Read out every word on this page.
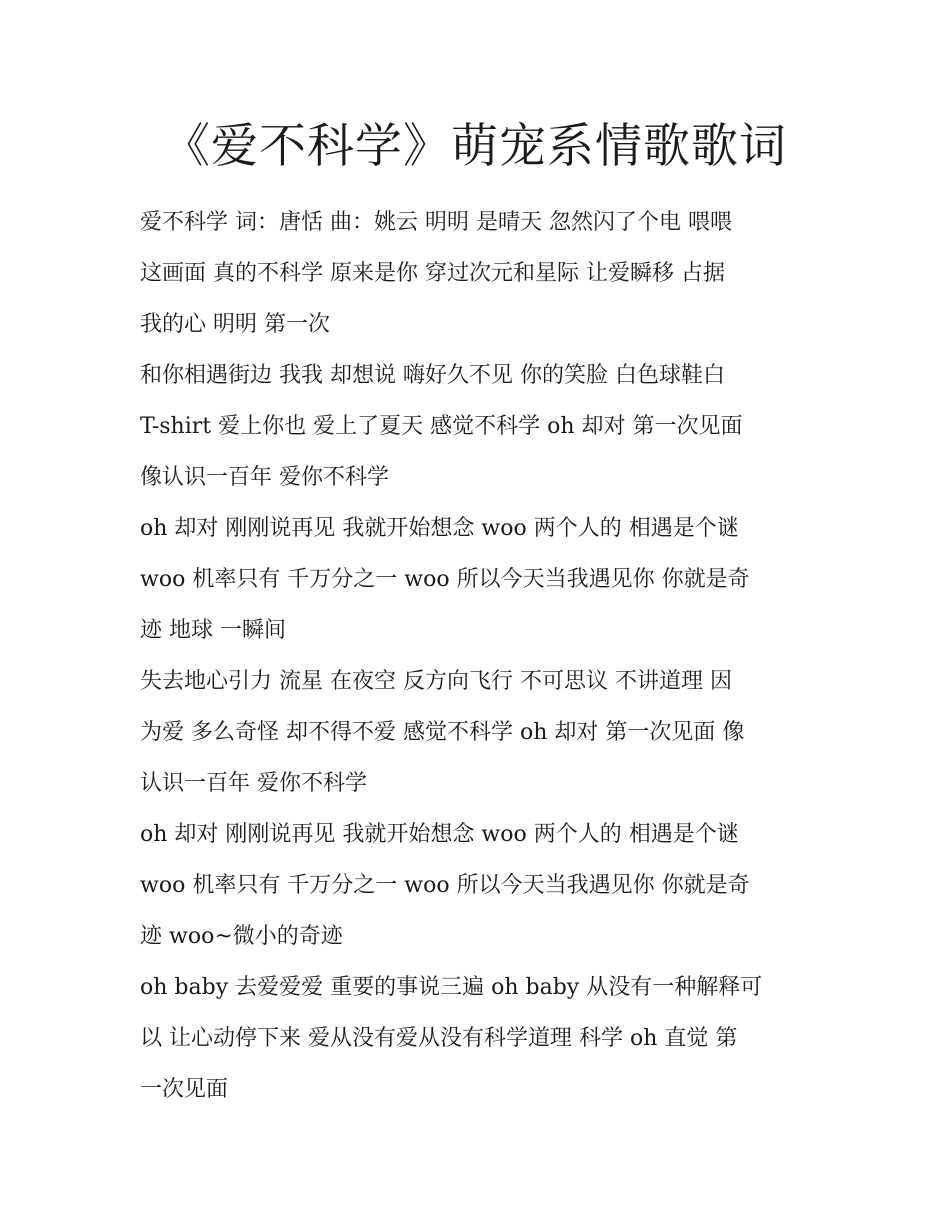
《爱不科学》萌宠系情歌歌词

爱不科学 词：唐恬 曲：姚云 明明 是晴天 忽然闪了个电 喂喂
这画面 真的不科学 原来是你 穿过次元和星际 让爱瞬移 占据
我的心 明明 第一次

和你相遇街边 我我 却想说 嗨好久不见 你的笑脸 白色球鞋白
T-shirt 爱上你也 爱上了夏天 感觉不科学 oh 却对 第一次见面
像认识一百年 爱你不科学

oh 却对 刚刚说再见 我就开始想念 woo 两个人的 相遇是个谜
woo 机率只有 千万分之一 woo 所以今天当我遇见你 你就是奇
迹 地球 一瞬间

失去地心引力 流星 在夜空 反方向飞行 不可思议 不讲道理 因
为爱 多么奇怪 却不得不爱 感觉不科学 oh 却对 第一次见面 像
认识一百年 爱你不科学

oh 却对 刚刚说再见 我就开始想念 woo 两个人的 相遇是个谜
woo 机率只有 千万分之一 woo 所以今天当我遇见你 你就是奇
迹 woo~微小的奇迹

oh baby 去爱爱爱 重要的事说三遍 oh baby 从没有一种解释可
以 让心动停下来 爱从没有爱从没有科学道理 科学 oh 直觉 第
一次见面
